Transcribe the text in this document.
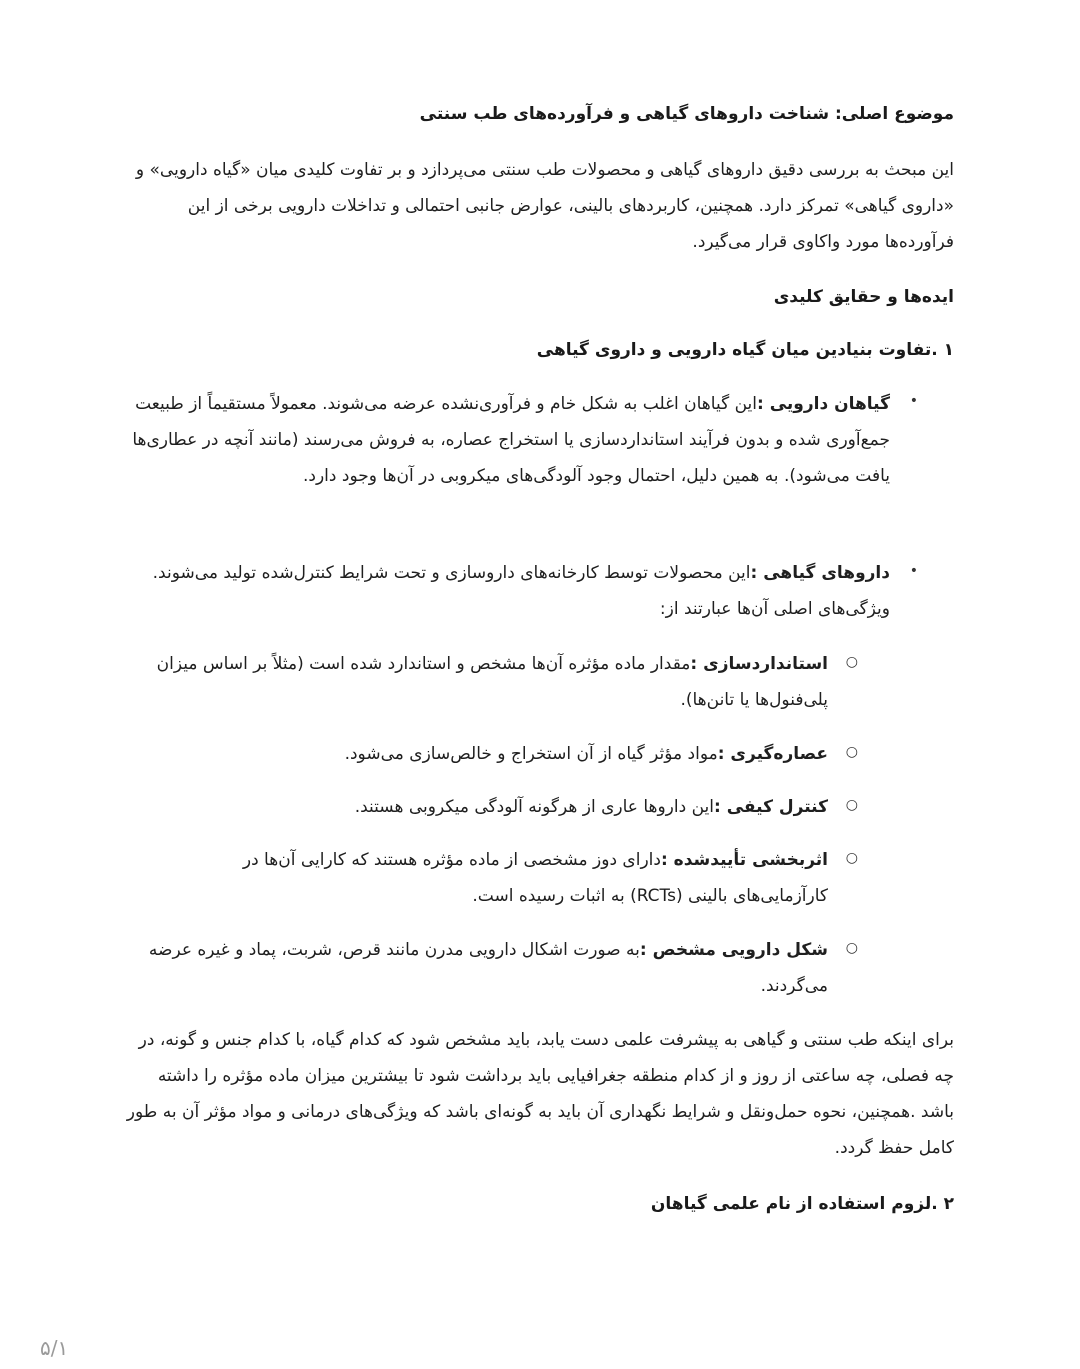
موضوع اصلی: شناخت داروهای گیاهی و فرآورده‌های طب سنتی

این مبحث به بررسی دقیق داروهای گیاهی و محصولات طب سنتی می‌پردازد و بر تفاوت کلیدی میان «گیاه دارویی» و «داروی گیاهی» تمرکز دارد. همچنین، کاربردهای بالینی، عوارض جانبی احتمالی و تداخلات دارویی برخی از این فرآورده‌ها مورد واکاوی قرار می‌گیرد.

ایده‌ها و حقایق کلیدی
۱ .تفاوت بنیادین میان گیاه دارویی و داروی گیاهی
•
گیاهان دارویی :این گیاهان اغلب به شکل خام و فرآوری‌نشده عرضه می‌شوند. معمولاً مستقیماً از طبیعت جمع‌آوری شده و بدون فرآیند استانداردسازی یا استخراج عصاره، به فروش می‌رسند (مانند آنچه در عطاری‌ها یافت می‌شود). به همین دلیل، احتمال وجود آلودگی‌های میکروبی در آن‌ها وجود دارد.
•
داروهای گیاهی :این محصولات توسط کارخانه‌های داروسازی و تحت شرایط کنترل‌شده تولید می‌شوند. ویژگی‌های اصلی آن‌ها عبارتند از:
○
استانداردسازی :مقدار ماده مؤثره آن‌ها مشخص و استاندارد شده است (مثلاً بر اساس میزان پلی‌فنول‌ها یا تانن‌ها).
○
عصاره‌گیری :مواد مؤثر گیاه از آن استخراج و خالص‌سازی می‌شود.
○
کنترل کیفی :این داروها عاری از هرگونه آلودگی میکروبی هستند.
○
اثربخشی تأییدشده :دارای دوز مشخصی از ماده مؤثره هستند که کارایی آن‌ها در کارآزمایی‌های بالینی (RCTs) به اثبات رسیده است.
○
شکل دارویی مشخص :به صورت اشکال دارویی مدرن مانند قرص، شربت، پماد و غیره عرضه می‌گردند.

برای اینکه طب سنتی و گیاهی به پیشرفت علمی دست یابد، باید مشخص شود که کدام گیاه، با کدام جنس و گونه، در چه فصلی، چه ساعتی از روز و از کدام منطقه جغرافیایی باید برداشت شود تا بیشترین میزان ماده مؤثره را داشته باشد .همچنین، نحوه حمل‌ونقل و شرایط نگهداری آن باید به گونه‌ای باشد که ویژگی‌های درمانی و مواد مؤثر آن به طور کامل حفظ گردد.

۲ .لزوم استفاده از نام علمی گیاهان
۵/۱
